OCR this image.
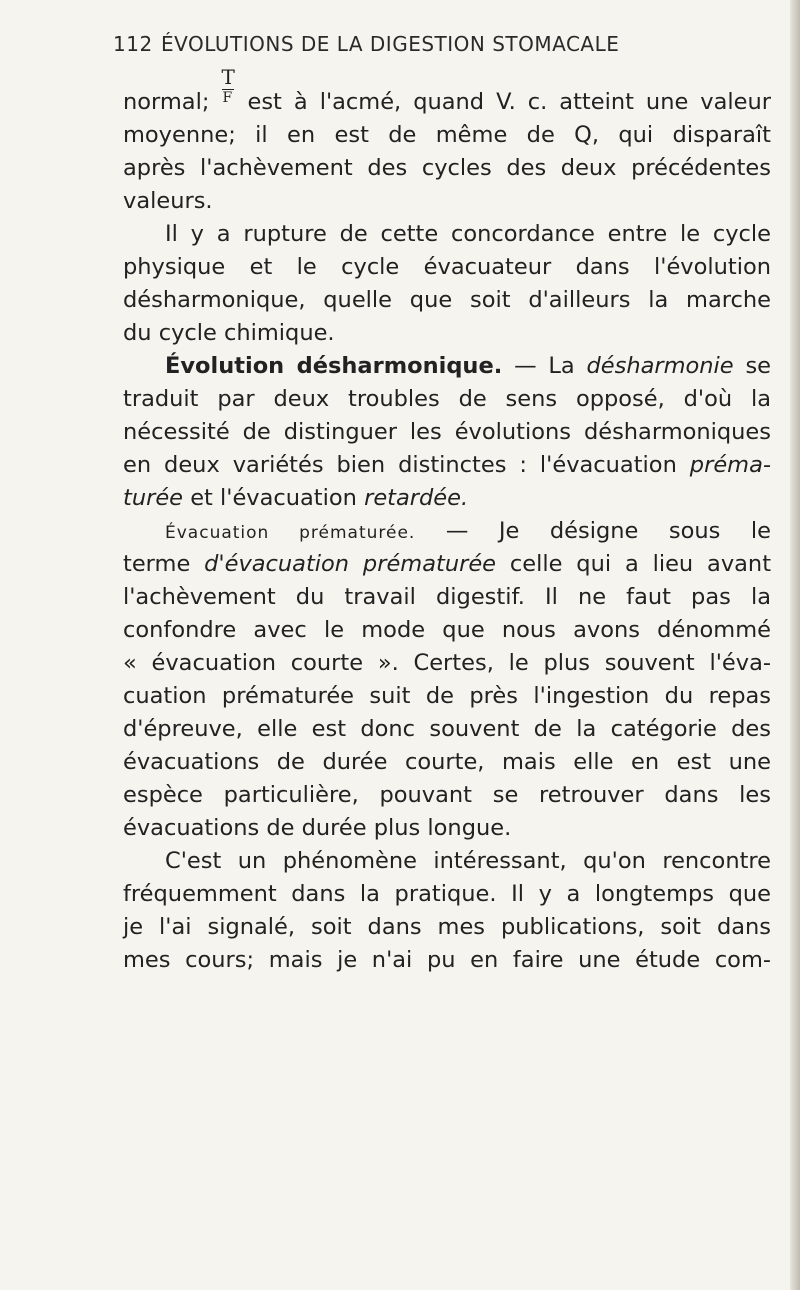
112 ÉVOLUTIONS DE LA DIGESTION STOMACALE
normal; $\frac{T}{F}$ est à l'acmé, quand V. c. atteint une valeur
moyenne; il en est de même de Q, qui disparaît
après l'achèvement des cycles des deux précédentes
valeurs.
Il y a rupture de cette concordance entre le cycle
physique et le cycle évacuateur dans l'évolution
désharmonique, quelle que soit d'ailleurs la marche
du cycle chimique.
Évolution désharmonique. — La désharmonie se
traduit par deux troubles de sens opposé, d'où la
nécessité de distinguer les évolutions désharmoniques
en deux variétés bien distinctes : l'évacuation préma-
turée et l'évacuation retardée.
Évacuation prématurée. — Je désigne sous le
terme d'évacuation prématurée celle qui a lieu avant
l'achèvement du travail digestif. Il ne faut pas la
confondre avec le mode que nous avons dénommé
« évacuation courte ». Certes, le plus souvent l'éva-
cuation prématurée suit de près l'ingestion du repas
d'épreuve, elle est donc souvent de la catégorie des
évacuations de durée courte, mais elle en est une
espèce particulière, pouvant se retrouver dans les
évacuations de durée plus longue.
C'est un phénomène intéressant, qu'on rencontre
fréquemment dans la pratique. Il y a longtemps que
je l'ai signalé, soit dans mes publications, soit dans
mes cours; mais je n'ai pu en faire une étude com-
